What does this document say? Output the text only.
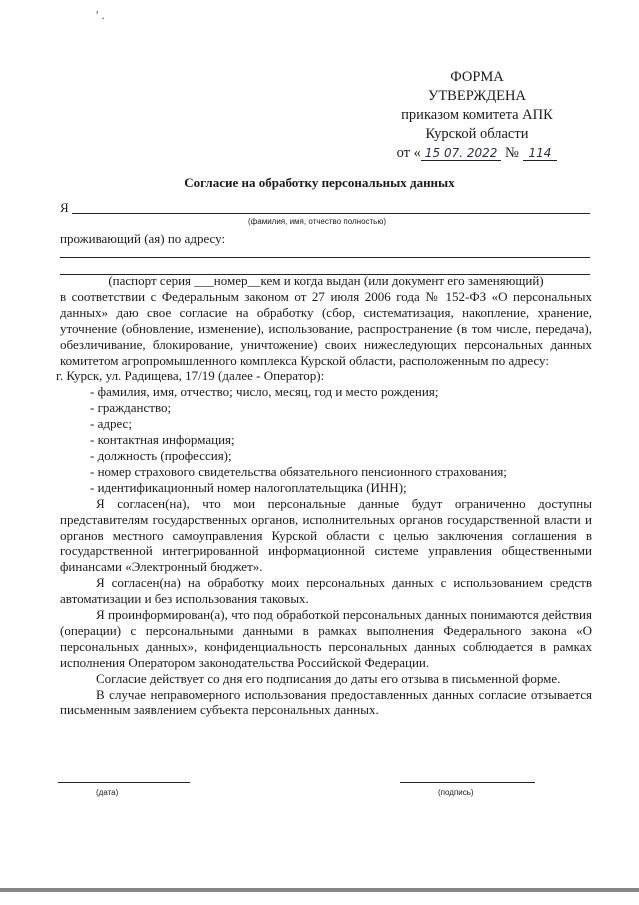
ʹ .
ФОРМА
УТВЕРЖДЕНА
приказом комитета АПК
Курской области
от « 15 07. 2022 № 114
Согласие на обработку персональных данных
Я
(фамилия, имя, отчество полностью)
проживающий (ая) по адресу:

(паспорт серия ___номер__кем и когда выдан (или документ его заменяющий)

в соответствии с Федеральным законом от 27 июля 2006 года № 152-ФЗ «О персональных данных» даю свое согласие на обработку (сбор, систематизация, накопление, хранение, уточнение (обновление, изменение), использование, распространение (в том числе, передача), обезличивание, блокирование, уничтожение) своих нижеследующих персональных данных комитетом агропромышленного комплекса Курской области, расположенным по адресу:

г. Курск, ул. Радищева, 17/19 (далее - Оператор):

- фамилия, имя, отчество; число, месяц, год и место рождения;

- гражданство;

- адрес;

- контактная информация;

- должность (профессия);

- номер страхового свидетельства обязательного пенсионного страхования;

- идентификационный номер налогоплательщика (ИНН);

Я согласен(на), что мои персональные данные будут ограниченно доступны представителям государственных органов, исполнительных органов государственной власти и органов местного самоуправления Курской области с целью заключения соглашения в государственной интегрированной информационной системе управления общественными финансами «Электронный бюджет».

Я согласен(на) на обработку моих персональных данных с использованием средств автоматизации и без использования таковых.

Я проинформирован(а), что под обработкой персональных данных понимаются действия (операции) с персональными данными в рамках выполнения Федерального закона «О персональных данных», конфиденциальность персональных данных соблюдается в рамках исполнения Оператором законодательства Российской Федерации.

Согласие действует со дня его подписания до даты его отзыва в письменной форме.

В случае неправомерного использования предоставленных данных согласие отзывается письменным заявлением субъекта персональных данных.

(дата)	(подпись)
